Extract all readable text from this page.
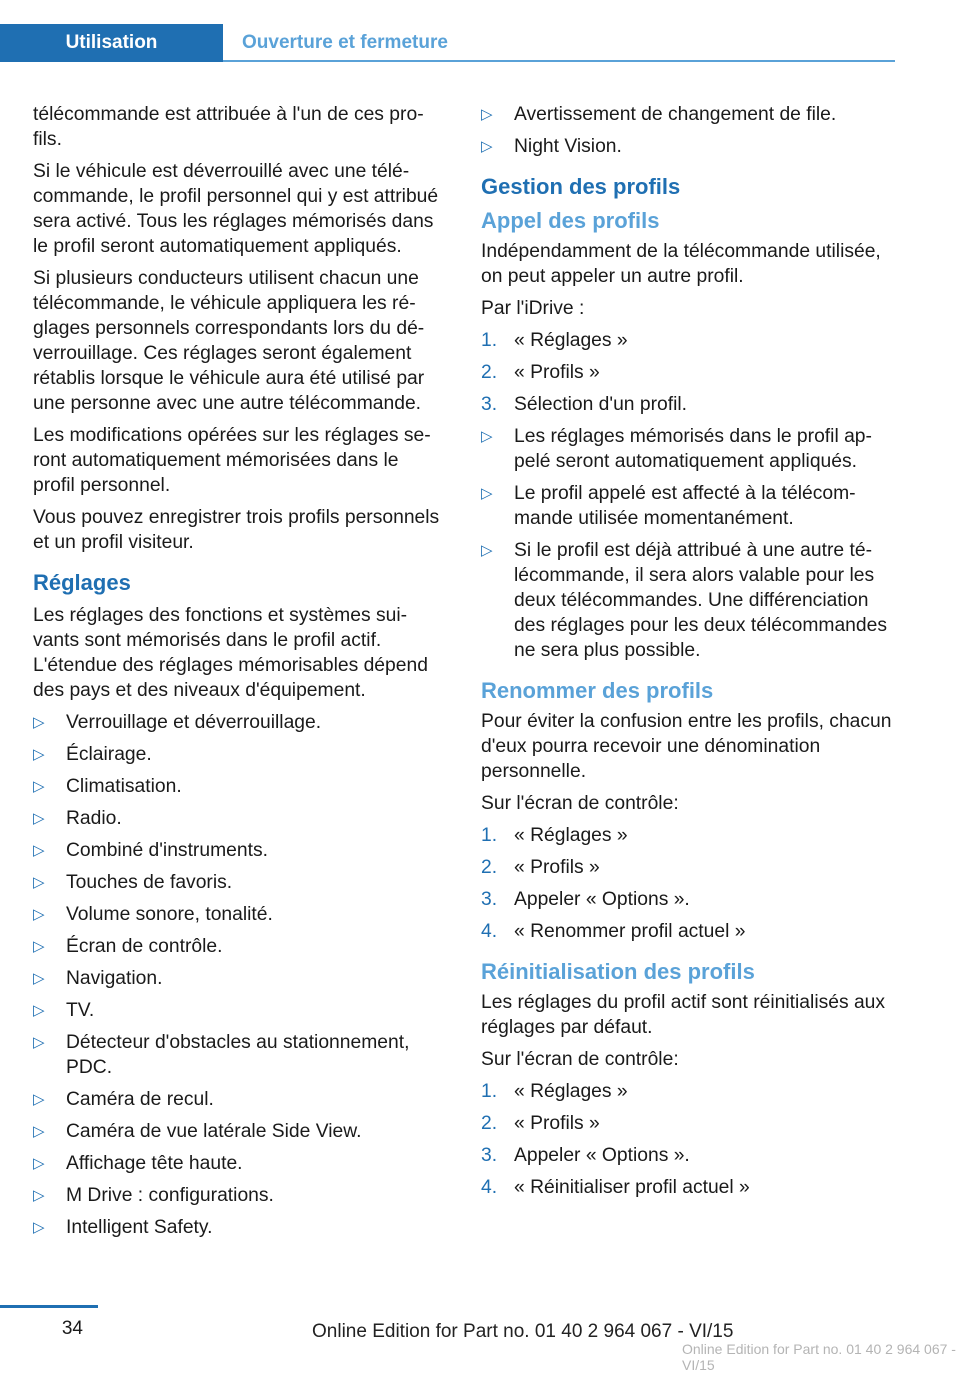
Utilisation	Ouverture et fermeture

télécommande est attribuée à l'un de ces profils.

Si le véhicule est déverrouillé avec une télécommande, le profil personnel qui y est attribué sera activé. Tous les réglages mémorisés dans le profil seront automatiquement appliqués.

Si plusieurs conducteurs utilisent chacun une télécommande, le véhicule appliquera les réglages personnels correspondants lors du déverrouillage. Ces réglages seront également rétablis lorsque le véhicule aura été utilisé par une personne avec une autre télécommande.

Les modifications opérées sur les réglages seront automatiquement mémorisées dans le profil personnel.

Vous pouvez enregistrer trois profils personnels et un profil visiteur.

Réglages

Les réglages des fonctions et systèmes suivants sont mémorisés dans le profil actif.

L'étendue des réglages mémorisables dépend des pays et des niveaux d'équipement.

▷ Verrouillage et déverrouillage.
▷ Éclairage.
▷ Climatisation.
▷ Radio.
▷ Combiné d'instruments.
▷ Touches de favoris.
▷ Volume sonore, tonalité.
▷ Écran de contrôle.
▷ Navigation.
▷ TV.
▷ Détecteur d'obstacles au stationnement, PDC.
▷ Caméra de recul.
▷ Caméra de vue latérale Side View.
▷ Affichage tête haute.
▷ M Drive : configurations.
▷ Intelligent Safety.
▷ Avertissement de changement de file.
▷ Night Vision.
Gestion des profils
Appel des profils

Indépendamment de la télécommande utilisée, on peut appeler un autre profil.

Par l'iDrive :

1. « Réglages »
2. « Profils »
3. Sélection d'un profil.
▷ Les réglages mémorisés dans le profil appelé seront automatiquement appliqués.
▷ Le profil appelé est affecté à la télécommande utilisée momentanément.
▷ Si le profil est déjà attribué à une autre télécommande, il sera alors valable pour les deux télécommandes. Une différenciation des réglages pour les deux télécommandes ne sera plus possible.
Renommer des profils

Pour éviter la confusion entre les profils, chacun d'eux pourra recevoir une dénomination personnelle.

Sur l'écran de contrôle:

1. « Réglages »
2. « Profils »
3. Appeler « Options ».
4. « Renommer profil actuel »
Réinitialisation des profils

Les réglages du profil actif sont réinitialisés aux réglages par défaut.

Sur l'écran de contrôle:

1. « Réglages »
2. « Profils »
3. Appeler « Options ».
4. « Réinitialiser profil actuel »
34	Online Edition for Part no. 01 40 2 964 067 - VI/15
Online Edition for Part no. 01 40 2 964 067 - VI/15
